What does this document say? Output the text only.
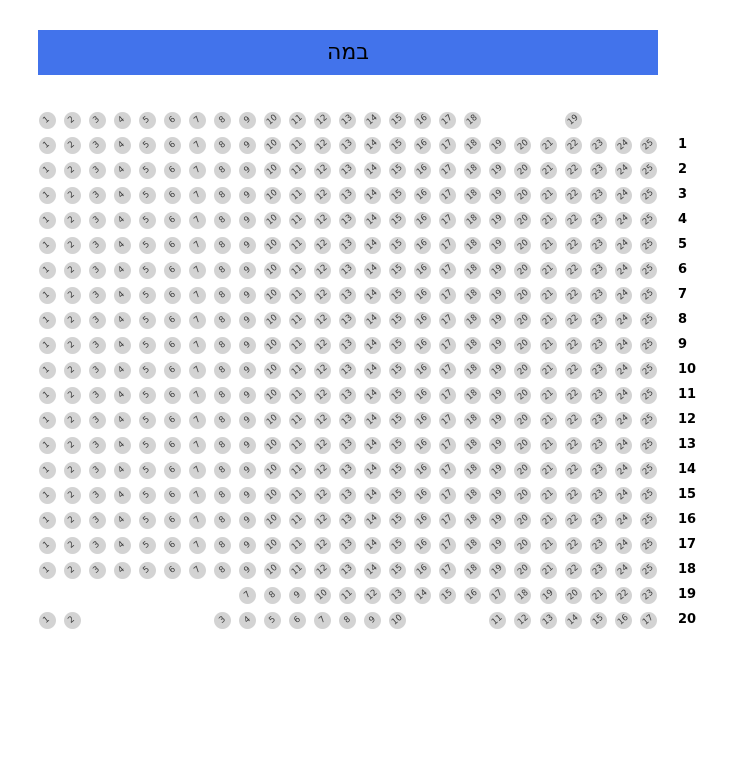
במה
1 2 3 4 5 6 7 8 9 10 11 12 13 14 15 16 17 18	19
1 2 3 4 5 6 7 8 9 10 11 12 13 14 15 16 17 18 19 20 21 22 23 24 25 1
1 2 3 4 5 6 7 8 9 10 11 12 13 14 15 16 17 18 19 20 21 22 23 24 25 2
1 2 3 4 5 6 7 8 9 10 11 12 13 14 15 16 17 18 19 20 21 22 23 24 25 3
1 2 3 4 5 6 7 8 9 10 11 12 13 14 15 16 17 18 19 20 21 22 23 24 25 4
1 2 3 4 5 6 7 8 9 10 11 12 13 14 15 16 17 18 19 20 21 22 23 24 25 5
1 2 3 4 5 6 7 8 9 10 11 12 13 14 15 16 17 18 19 20 21 22 23 24 25 6
1 2 3 4 5 6 7 8 9 10 11 12 13 14 15 16 17 18 19 20 21 22 23 24 25 7
1 2 3 4 5 6 7 8 9 10 11 12 13 14 15 16 17 18 19 20 21 22 23 24 25 8
1 2 3 4 5 6 7 8 9 10 11 12 13 14 15 16 17 18 19 20 21 22 23 24 25 9
1 2 3 4 5 6 7 8 9 10 11 12 13 14 15 16 17 18 19 20 21 22 23 24 25 10
1 2 3 4 5 6 7 8 9 10 11 12 13 14 15 16 17 18 19 20 21 22 23 24 25 11
1 2 3 4 5 6 7 8 9 10 11 12 13 14 15 16 17 18 19 20 21 22 23 24 25 12
1 2 3 4 5 6 7 8 9 10 11 12 13 14 15 16 17 18 19 20 21 22 23 24 25 13
1 2 3 4 5 6 7 8 9 10 11 12 13 14 15 16 17 18 19 20 21 22 23 24 25 14
1 2 3 4 5 6 7 8 9 10 11 12 13 14 15 16 17 18 19 20 21 22 23 24 25 15
1 2 3 4 5 6 7 8 9 10 11 12 13 14 15 16 17 18 19 20 21 22 23 24 25 16
1 2 3 4 5 6 7 8 9 10 11 12 13 14 15 16 17 18 19 20 21 22 23 24 25 17
1 2 3 4 5 6 7 8 9 10 11 12 13 14 15 16 17 18 19 20 21 22 23 24 25 18
7 8 9 10 11 12 13 14 15 16 17 18 19 20 21 22 23 19
1 2	3 4 5 6 7 8 9 10	11 12 13 14 15 16 17 20
